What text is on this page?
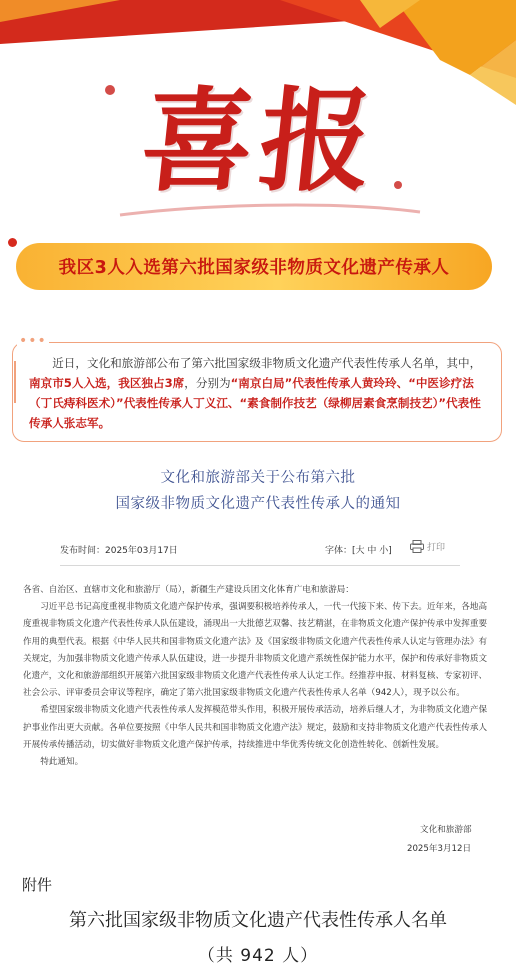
喜报
我区3人入选第六批国家级非物质文化遗产传承人
•••

近日，文化和旅游部公布了第六批国家级非物质文化遗产代表性传承人名单，其中，南京市5人入选，我区独占3席，分别为“南京白局”代表性传承人黄玲玲、“中医诊疗法（丁氏痔科医术）”代表性传承人丁义江、“素食制作技艺（绿柳居素食烹制技艺）”代表性传承人张志军。

文化和旅游部关于公布第六批
国家级非物质文化遗产代表性传承人的通知
发布时间：2025年03月17日	字体：[大 中 小]	打印

各省、自治区、直辖市文化和旅游厅（局），新疆生产建设兵团文化体育广电和旅游局：

习近平总书记高度重视非物质文化遗产保护传承，强调要积极培养传承人，一代一代接下来、传下去。近年来，各地高度重视非物质文化遗产代表性传承人队伍建设，涌现出一大批德艺双馨、技艺精湛，在非物质文化遗产保护传承中发挥重要作用的典型代表。根据《中华人民共和国非物质文化遗产法》及《国家级非物质文化遗产代表性传承人认定与管理办法》有关规定，为加强非物质文化遗产传承人队伍建设，进一步提升非物质文化遗产系统性保护能力水平，保护和传承好非物质文化遗产，文化和旅游部组织开展第六批国家级非物质文化遗产代表性传承人认定工作。经推荐申报、材料复核、专家初评、社会公示、评审委员会审议等程序，确定了第六批国家级非物质文化遗产代表性传承人名单（942人），现予以公布。

希望国家级非物质文化遗产代表性传承人发挥模范带头作用，积极开展传承活动，培养后继人才，为非物质文化遗产保护事业作出更大贡献。各单位要按照《中华人民共和国非物质文化遗产法》规定，鼓励和支持非物质文化遗产代表性传承人开展传承传播活动，切实做好非物质文化遗产保护传承，持续推进中华优秀传统文化创造性转化、创新性发展。

特此通知。

文化和旅游部
2025年3月12日
附件
第六批国家级非物质文化遗产代表性传承人名单
（共 942 人）
